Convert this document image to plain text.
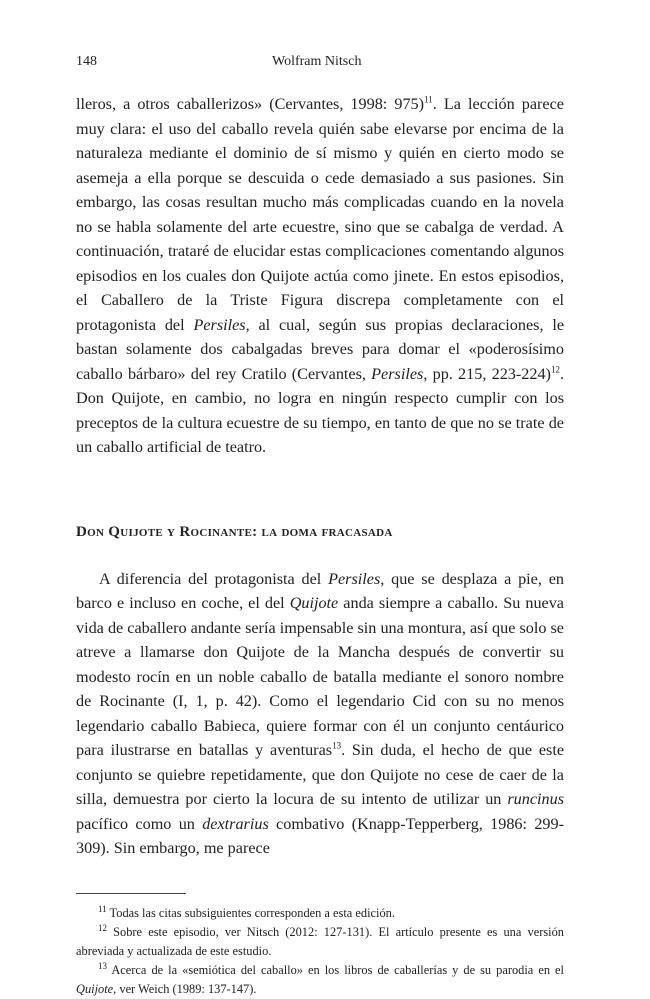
148	Wolfram Nitsch

lleros, a otros caballerizos» (Cervantes, 1998: 975)$^{11}$. La lección parece muy clara: el uso del caballo revela quién sabe elevarse por encima de la naturaleza mediante el dominio de sí mismo y quién en cierto modo se asemeja a ella porque se descuida o cede demasiado a sus pasiones. Sin embargo, las cosas resultan mucho más complicadas cuando en la novela no se habla solamente del arte ecuestre, sino que se cabalga de verdad. A continuación, trataré de elucidar estas complicaciones comentando algunos episodios en los cuales don Quijote actúa como jinete. En estos episodios, el Caballero de la Triste Figura discrepa completamente con el protagonista del Persiles, al cual, según sus propias declaraciones, le bastan solamente dos cabalgadas breves para domar el «poderosísimo caballo bárbaro» del rey Cratilo (Cervantes, Persiles, pp. 215, 223-224)$^{12}$. Don Quijote, en cambio, no logra en ningún respecto cumplir con los preceptos de la cultura ecuestre de su tiempo, en tanto de que no se trate de un caballo artificial de teatro.

Don Quijote y Rocinante: la doma fracasada

A diferencia del protagonista del Persiles, que se desplaza a pie, en barco e incluso en coche, el del Quijote anda siempre a caballo. Su nueva vida de caballero andante sería impensable sin una montura, así que solo se atreve a llamarse don Quijote de la Mancha después de convertir su modesto rocín en un noble caballo de batalla mediante el sonoro nombre de Rocinante (I, 1, p. 42). Como el legendario Cid con su no menos legendario caballo Babieca, quiere formar con él un conjunto centáurico para ilustrarse en batallas y aventuras$^{13}$. Sin duda, el hecho de que este conjunto se quiebre repetidamente, que don Quijote no cese de caer de la silla, demuestra por cierto la locura de su intento de utilizar un runcinus pacífico como un dextrarius combativo (Knapp-Tepperberg, 1986: 299-309). Sin embargo, me parece

$^{11}$ Todas las citas subsiguientes corresponden a esta edición.

$^{12}$ Sobre este episodio, ver Nitsch (2012: 127-131). El artículo presente es una versión abreviada y actualizada de este estudio.

$^{13}$ Acerca de la «semiótica del caballo» en los libros de caballerías y de su parodia en el Quijote, ver Weich (1989: 137-147).
